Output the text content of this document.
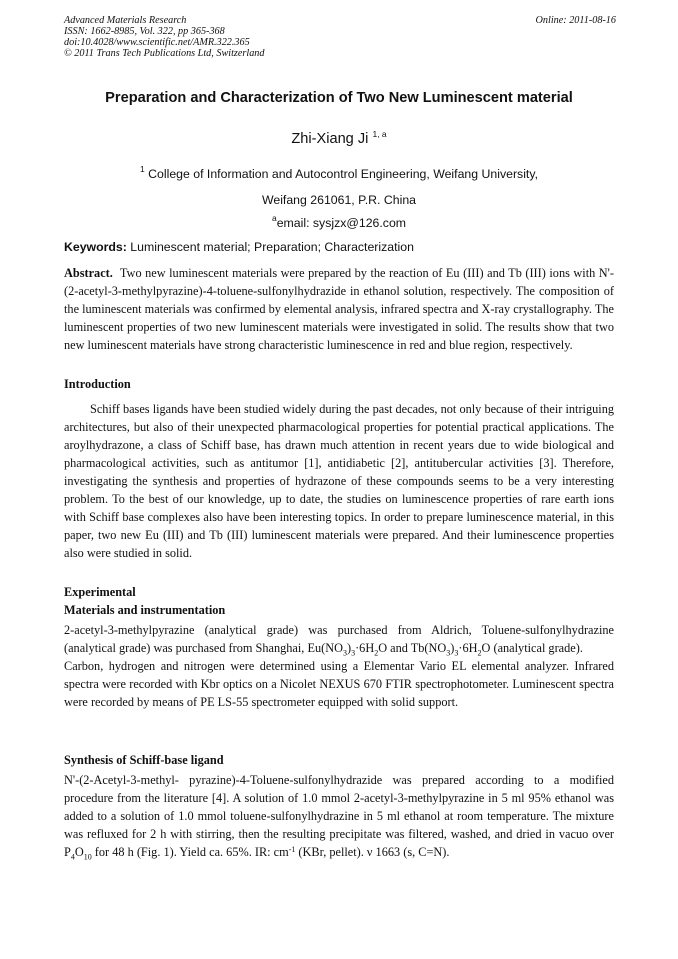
Advanced Materials Research
ISSN: 1662-8985, Vol. 322, pp 365-368
doi:10.4028/www.scientific.net/AMR.322.365
© 2011 Trans Tech Publications Ltd, Switzerland
Online: 2011-08-16
Preparation and Characterization of Two New Luminescent material
Zhi-Xiang Ji $^{1, a}$
$^1$ College of Information and Autocontrol Engineering, Weifang University,
Weifang 261061, P.R. China
$^a$email: sysjzx@126.com
Keywords: Luminescent material; Preparation; Characterization

Abstract. Two new luminescent materials were prepared by the reaction of Eu (III) and Tb (III) ions with N'-(2-acetyl-3-methylpyrazine)-4-toluene-sulfonylhydrazide in ethanol solution, respectively. The composition of the luminescent materials was confirmed by elemental analysis, infrared spectra and X-ray crystallography. The luminescent properties of two new luminescent materials were investigated in solid. The results show that two new luminescent materials have strong characteristic luminescence in red and blue region, respectively.

Introduction

Schiff bases ligands have been studied widely during the past decades, not only because of their intriguing architectures, but also of their unexpected pharmacological properties for potential practical applications. The aroylhydrazone, a class of Schiff base, has drawn much attention in recent years due to wide biological and pharmacological activities, such as antitumor [1], antidiabetic [2], antitubercular activities [3]. Therefore, investigating the synthesis and properties of hydrazone of these compounds seems to be a very interesting problem. To the best of our knowledge, up to date, the studies on luminescence properties of rare earth ions with Schiff base complexes also have been interesting topics. In order to prepare luminescence material, in this paper, two new Eu (III) and Tb (III) luminescent materials were prepared. And their luminescence properties also were studied in solid.

Experimental
Materials and instrumentation

2-acetyl-3-methylpyrazine (analytical grade) was purchased from Aldrich, Toluene-sulfonylhydrazine (analytical grade) was purchased from Shanghai, $Eu(NO_3)_3\cdot 6H_2O$ and $Tb(NO_3)_3\cdot 6H_2O$ (analytical grade).

Carbon, hydrogen and nitrogen were determined using a Elementar Vario EL elemental analyzer. Infrared spectra were recorded with Kbr optics on a Nicolet NEXUS 670 FTIR spectrophotometer. Luminescent spectra were recorded by means of PE LS-55 spectrometer equipped with solid support.

Synthesis of Schiff-base ligand

N'-(2-Acetyl-3-methyl- pyrazine)-4-Toluene-sulfonylhydrazide was prepared according to a modified procedure from the literature [4]. A solution of 1.0 mmol 2-acetyl-3-methylpyrazine in 5 ml 95% ethanol was added to a solution of 1.0 mmol toluene-sulfonylhydrazine in 5 ml ethanol at room temperature. The mixture was refluxed for 2 h with stirring, then the resulting precipitate was filtered, washed, and dried in vacuo over $P_4O_{10}$ for 48 h (Fig. 1). Yield ca. 65%. IR: $cm^{-1}$ (KBr, pellet). ν 1663 (s, C=N).
